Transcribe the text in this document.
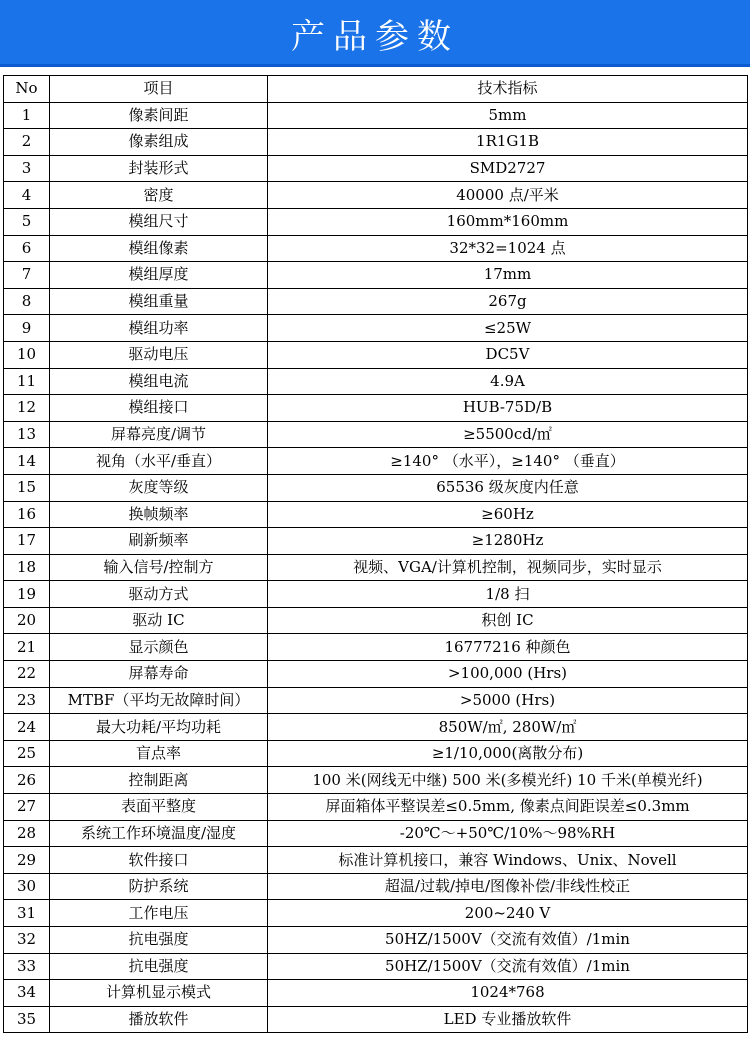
产品参数
No	项目	技术指标
1	像素间距	5mm
2	像素组成	1R1G1B
3	封装形式	SMD2727
4	密度	40000 点/平米
5	模组尺寸	160mm*160mm
6	模组像素	32*32=1024 点
7	模组厚度	17mm
8	模组重量	267g
9	模组功率	≤25W
10	驱动电压	DC5V
11	模组电流	4.9A
12	模组接口	HUB-75D/B
13	屏幕亮度/调节	≥5500cd/㎡
14	视角（水平/垂直）	≥140° （水平），≥140° （垂直）
15	灰度等级	65536 级灰度内任意
16	换帧频率	≥60Hz
17	刷新频率	≥1280Hz
18	输入信号/控制方	视频、VGA/计算机控制，视频同步，实时显示
19	驱动方式	1/8 扫
20	驱动 IC	积创 IC
21	显示颜色	16777216 种颜色
22	屏幕寿命	>100,000 (Hrs)
23	MTBF（平均无故障时间）	>5000 (Hrs)
24	最大功耗/平均功耗	850W/㎡, 280W/㎡
25	盲点率	≥1/10,000(离散分布)
26	控制距离	100 米(网线无中继) 500 米(多模光纤) 10 千米(单模光纤)
27	表面平整度	屏面箱体平整误差≤0.5mm, 像素点间距误差≤0.3mm
28	系统工作环境温度/湿度	-20℃～+50℃/10%～98%RH
29	软件接口	标准计算机接口，兼容 Windows、Unix、Novell
30	防护系统	超温/过载/掉电/图像补偿/非线性校正
31	工作电压	200~240 V
32	抗电强度	50HZ/1500V（交流有效值）/1min
33	抗电强度	50HZ/1500V（交流有效值）/1min
34	计算机显示模式	1024*768
35	播放软件	LED 专业播放软件
